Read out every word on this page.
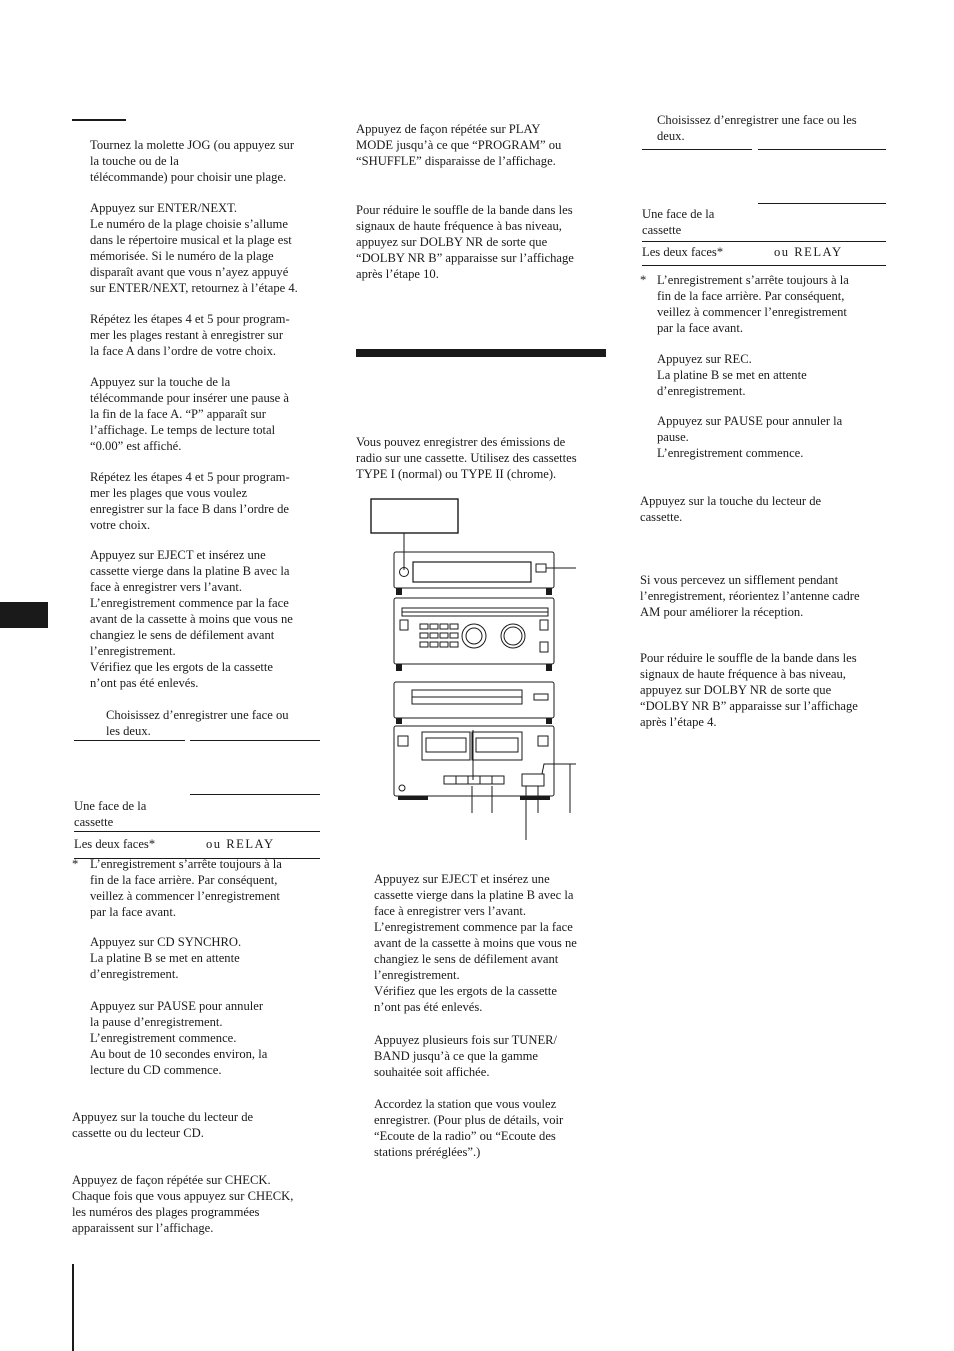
Tournez la molette JOG (ou appuyez sur
la touche ou de la
télécommande) pour choisir une plage.

Appuyez sur ENTER/NEXT.
Le numéro de la plage choisie s’allume
dans le répertoire musical et la plage est
mémorisée. Si le numéro de la plage
disparaît avant que vous n’ayez appuyé
sur ENTER/NEXT, retournez à l’étape 4.

Répétez les étapes 4 et 5 pour program-
mer les plages restant à enregistrer sur
la face A dans l’ordre de votre choix.

Appuyez sur la touche de la
télécommande pour insérer une pause à
la fin de la face A. “P” apparaît sur
l’affichage. Le temps de lecture total
“0.00” est affiché.

Répétez les étapes 4 et 5 pour program-
mer les plages que vous voulez
enregistrer sur la face B dans l’ordre de
votre choix.

Appuyez sur EJECT et insérez une
cassette vierge dans la platine B avec la
face à enregistrer vers l’avant.
L’enregistrement commence par la face
avant de la cassette à moins que vous ne
changiez le sens de défilement avant
l’enregistrement.
Vérifiez que les ergots de la cassette
n’ont pas été enlevés.

Choisissez d’enregistrer une face ou
les deux.

Une face de la
cassette
Les deux faces*	ou RELAY

* L’enregistrement s’arrête toujours à la
fin de la face arrière. Par conséquent,
veillez à commencer l’enregistrement
par la face avant.

Appuyez sur CD SYNCHRO.
La platine B se met en attente
d’enregistrement.

Appuyez sur PAUSE pour annuler
la pause d’enregistrement.
L’enregistrement commence.
Au bout de 10 secondes environ, la
lecture du CD commence.

Appuyez sur la touche du lecteur de
cassette ou du lecteur CD.

Appuyez de façon répétée sur CHECK.
Chaque fois que vous appuyez sur CHECK,
les numéros des plages programmées
apparaissent sur l’affichage.

Appuyez de façon répétée sur PLAY
MODE jusqu’à ce que “PROGRAM” ou
“SHUFFLE” disparaisse de l’affichage.

Pour réduire le souffle de la bande dans les
signaux de haute fréquence à bas niveau,
appuyez sur DOLBY NR de sorte que
“DOLBY NR B” apparaisse sur l’affichage
après l’étape 10.

Vous pouvez enregistrer des émissions de
radio sur une cassette. Utilisez des cassettes
TYPE I (normal) ou TYPE II (chrome).

Appuyez sur EJECT et insérez une
cassette vierge dans la platine B avec la
face à enregistrer vers l’avant.
L’enregistrement commence par la face
avant de la cassette à moins que vous ne
changiez le sens de défilement avant
l’enregistrement.
Vérifiez que les ergots de la cassette
n’ont pas été enlevés.

Appuyez plusieurs fois sur TUNER/
BAND jusqu’à ce que la gamme
souhaitée soit affichée.

Accordez la station que vous voulez
enregistrer. (Pour plus de détails, voir
“Ecoute de la radio” ou “Ecoute des
stations préréglées”.)

Choisissez d’enregistrer une face ou les
deux.

Une face de la
cassette
Les deux faces*	ou RELAY

* L’enregistrement s’arrête toujours à la
fin de la face arrière. Par conséquent,
veillez à commencer l’enregistrement
par la face avant.

Appuyez sur REC.
La platine B se met en attente
d’enregistrement.

Appuyez sur PAUSE pour annuler la
pause.
L’enregistrement commence.

Appuyez sur la touche du lecteur de
cassette.

Si vous percevez un sifflement pendant
l’enregistrement, réorientez l’antenne cadre
AM pour améliorer la réception.

Pour réduire le souffle de la bande dans les
signaux de haute fréquence à bas niveau,
appuyez sur DOLBY NR de sorte que
“DOLBY NR B” apparaisse sur l’affichage
après l’étape 4.
